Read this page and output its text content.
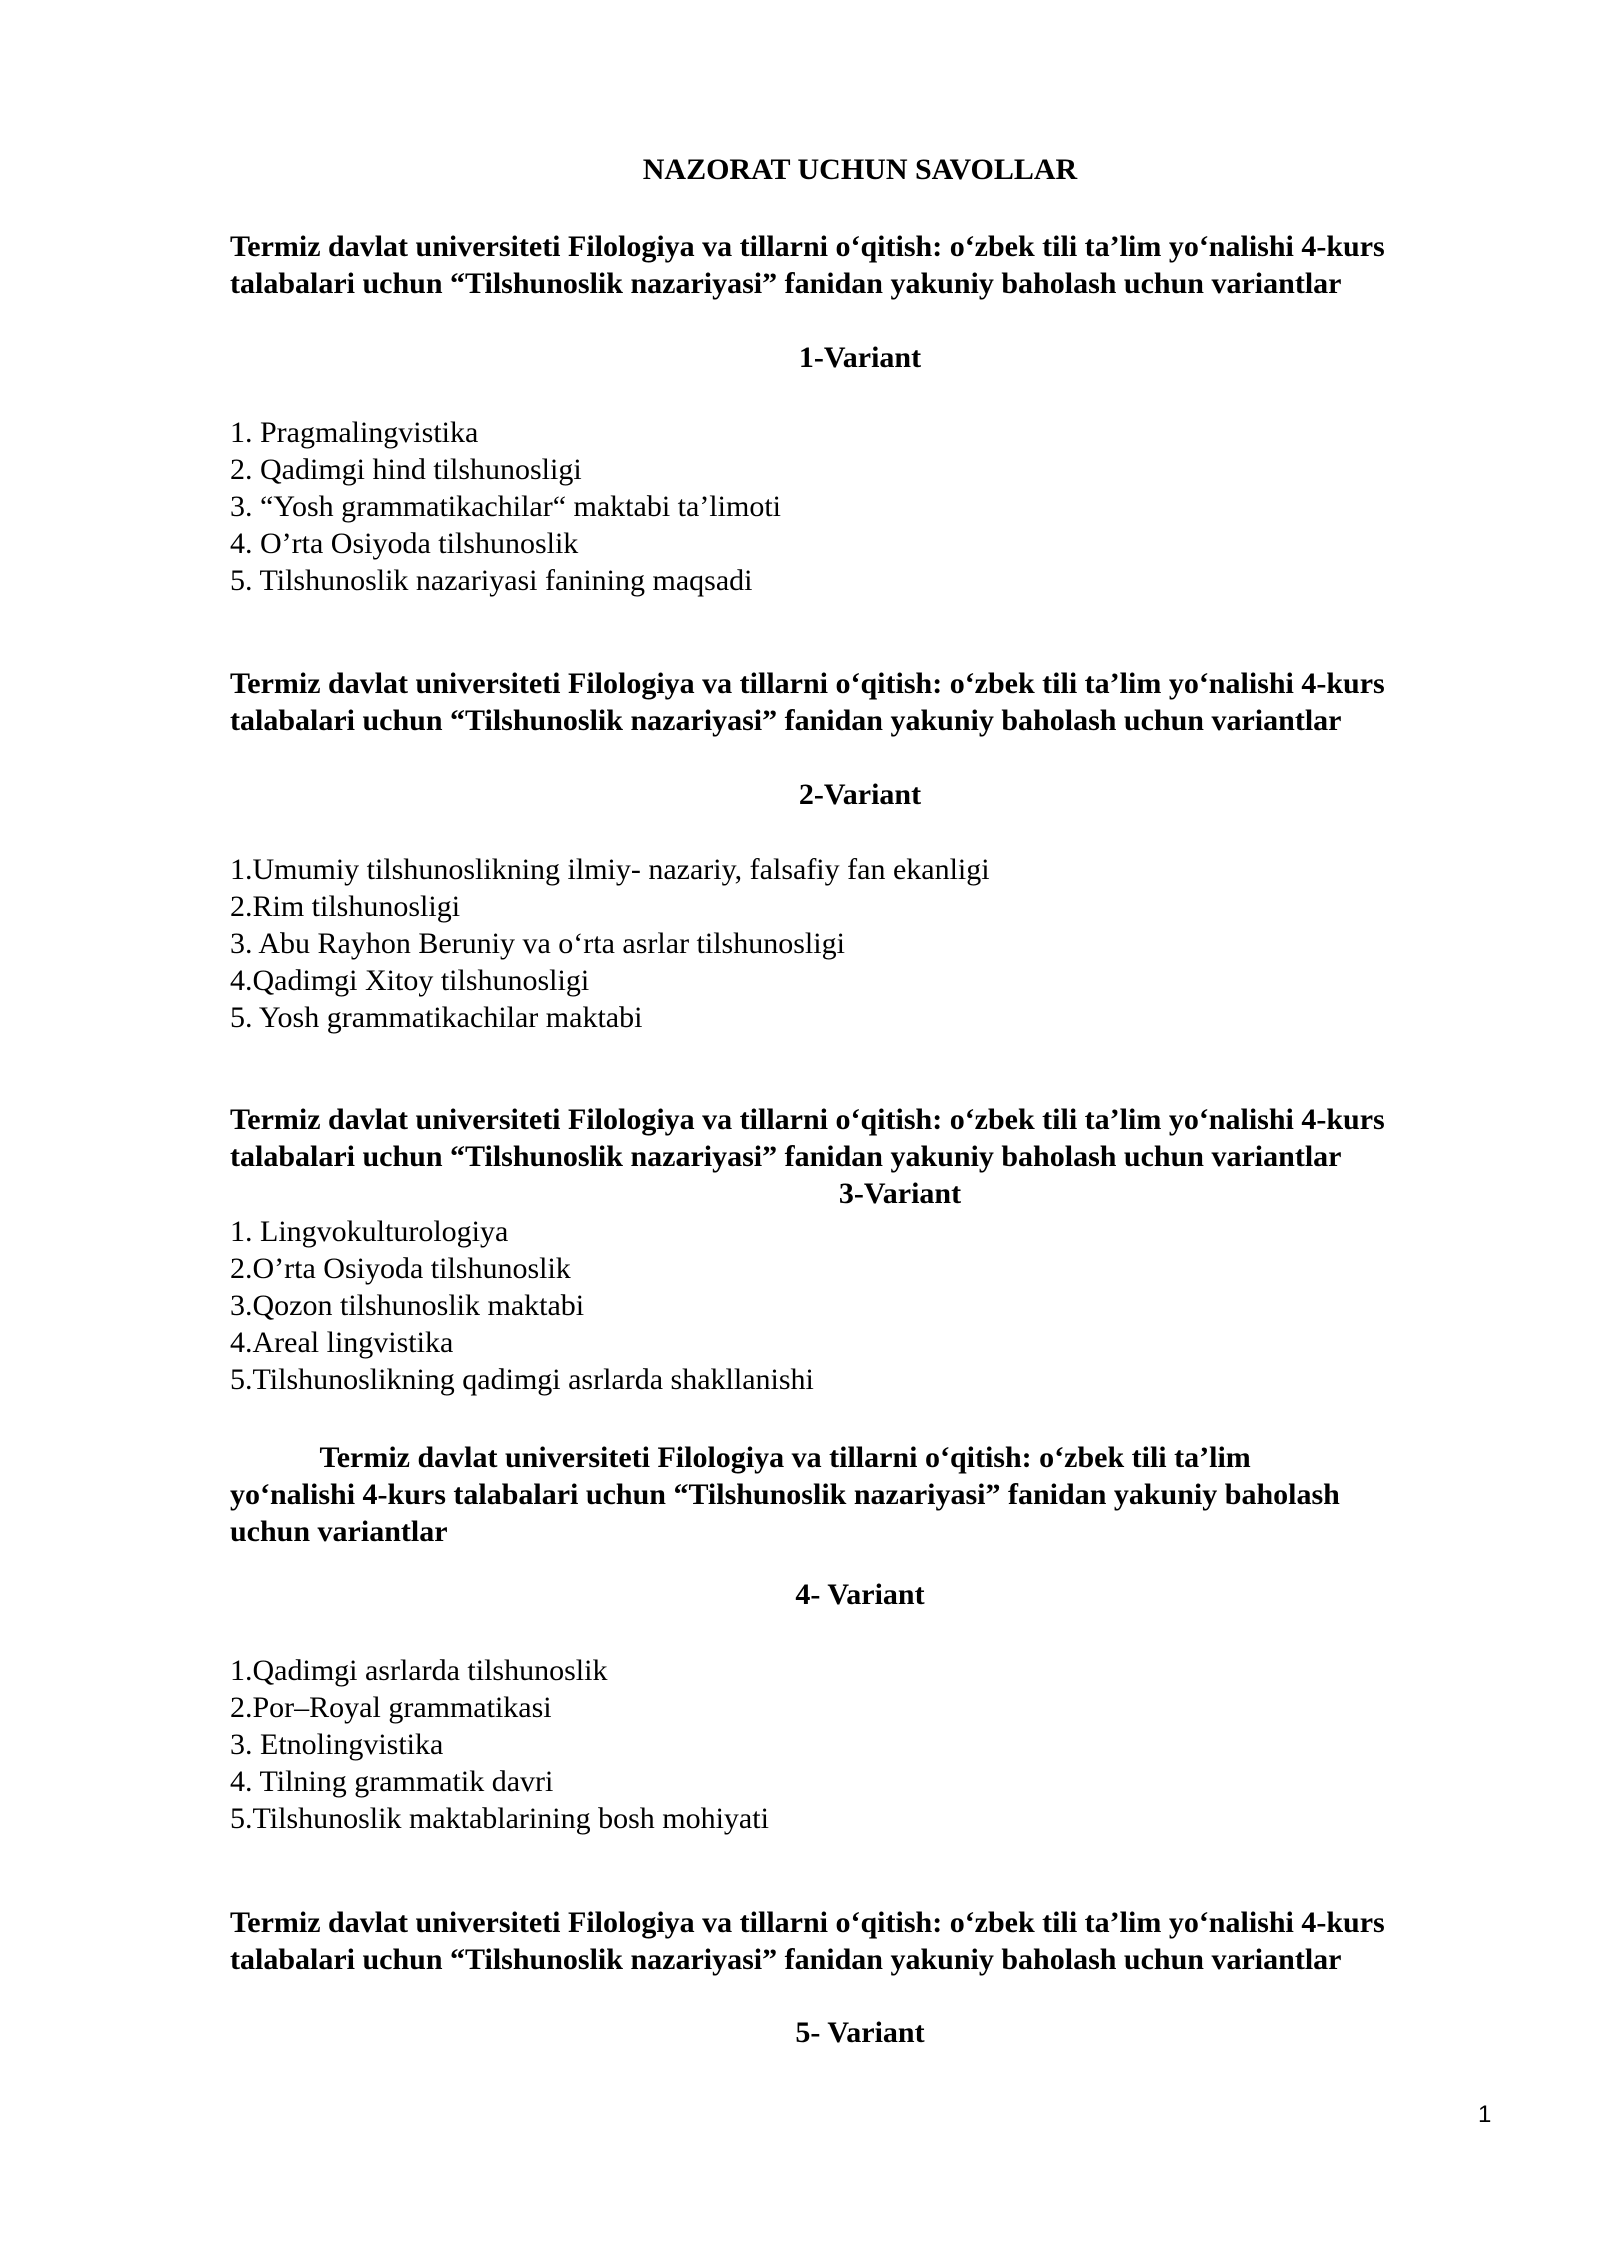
NAZORAT UCHUN SAVOLLAR
Termiz davlat universiteti Filologiya va tillarni o‘qitish: o‘zbek tili ta’lim yo‘nalishi 4-kurs
talabalari uchun “Tilshunoslik nazariyasi” fanidan yakuniy baholash uchun variantlar
1-Variant
1. Pragmalingvistika
2. Qadimgi hind tilshunosligi
3. “Yosh grammatikachilar“ maktabi ta’limoti
4. O’rta Osiyoda tilshunoslik
5. Tilshunoslik nazariyasi fanining maqsadi
Termiz davlat universiteti Filologiya va tillarni o‘qitish: o‘zbek tili ta’lim yo‘nalishi 4-kurs
talabalari uchun “Tilshunoslik nazariyasi” fanidan yakuniy baholash uchun variantlar
2-Variant
1.Umumiy tilshunoslikning ilmiy- nazariy, falsafiy fan ekanligi
2.Rim tilshunosligi
3. Abu Rayhon Beruniy va o‘rta asrlar tilshunosligi
4.Qadimgi Xitoy tilshunosligi
5. Yosh grammatikachilar maktabi
Termiz davlat universiteti Filologiya va tillarni o‘qitish: o‘zbek tili ta’lim yo‘nalishi 4-kurs
talabalari uchun “Tilshunoslik nazariyasi” fanidan yakuniy baholash uchun variantlar
3-Variant
1. Lingvokulturologiya
2.O’rta Osiyoda tilshunoslik
3.Qozon tilshunoslik maktabi
4.Areal lingvistika
5.Tilshunoslikning qadimgi asrlarda shakllanishi
Termiz davlat universiteti Filologiya va tillarni o‘qitish: o‘zbek tili ta’lim
yo‘nalishi 4-kurs talabalari uchun “Tilshunoslik nazariyasi” fanidan yakuniy baholash
uchun variantlar
4- Variant
1.Qadimgi asrlarda tilshunoslik
2.Por–Royal grammatikasi
3. Etnolingvistika
4. Tilning grammatik davri
5.Tilshunoslik maktablarining bosh mohiyati
Termiz davlat universiteti Filologiya va tillarni o‘qitish: o‘zbek tili ta’lim yo‘nalishi 4-kurs
talabalari uchun “Tilshunoslik nazariyasi” fanidan yakuniy baholash uchun variantlar
5- Variant
1
